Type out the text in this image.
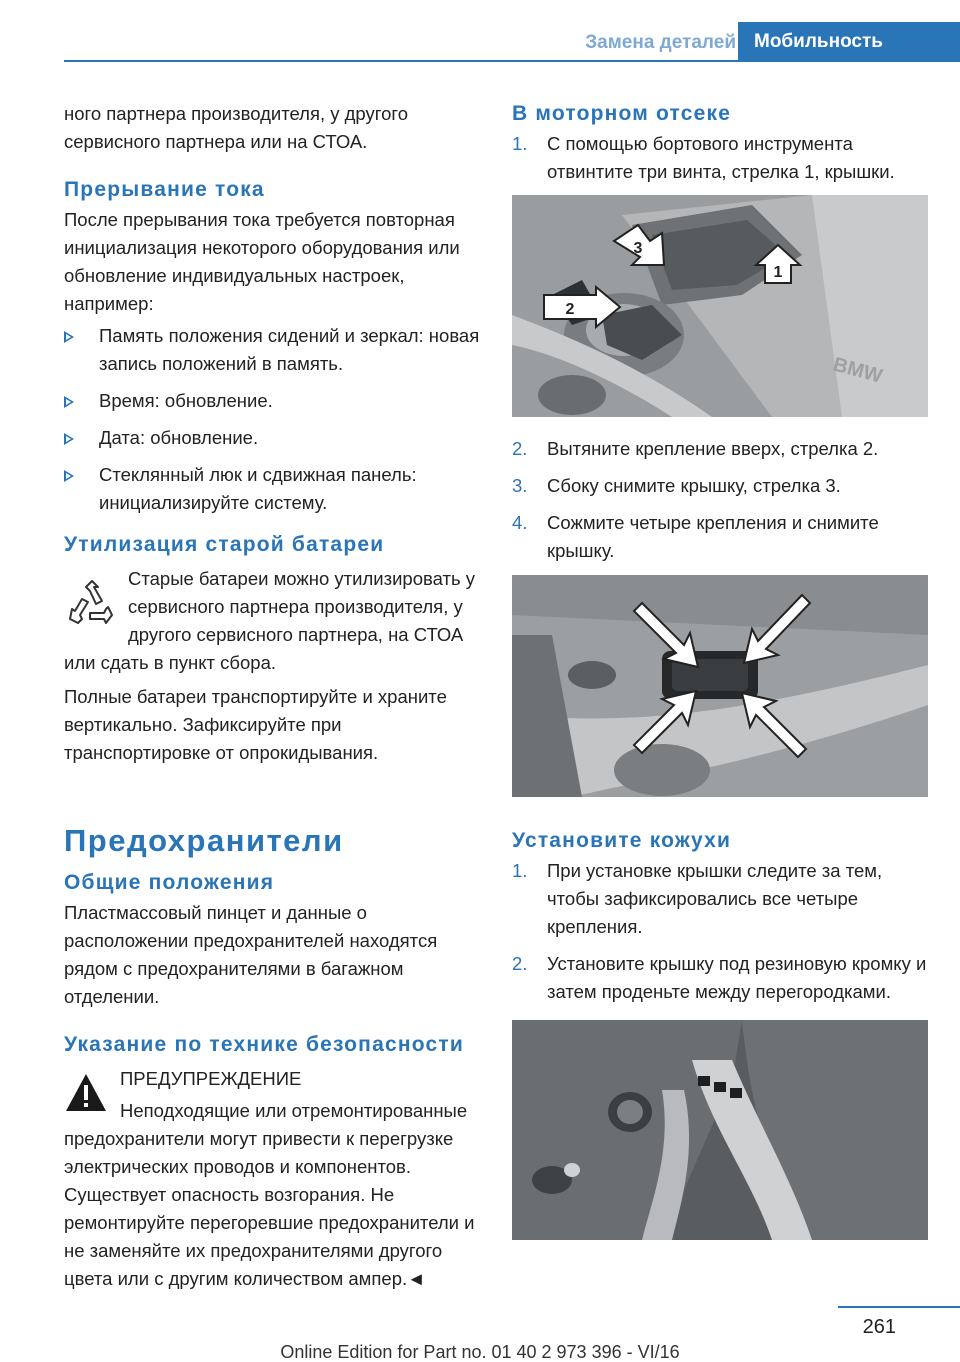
Замена деталей Мобильность

ного партнера производителя, у другого сервисного партнера или на СТОА.

Прерывание тока

После прерывания тока требуется повторная инициализация некоторого оборудования или обновление индивидуальных настроек, например:

Память положения сидений и зеркал: новая запись положений в память.
Время: обновление.
Дата: обновление.
Стеклянный люк и сдвижная панель: инициализируйте систему.
Утилизация старой батареи

Старые батареи можно утилизировать у сервисного партнера производителя, у другого сервисного партнера, на СТОА или сдать в пункт сбора.

Полные батареи транспортируйте и храните вертикально. Зафиксируйте при транспортировке от опрокидывания.

Предохранители
Общие положения

Пластмассовый пинцет и данные о расположении предохранителей находятся рядом с предохранителями в багажном отделении.

Указание по технике безопасности

ПРЕДУПРЕЖДЕНИЕ

Неподходящие или отремонтированные предохранители могут привести к перегрузке электрических проводов и компонентов. Существует опасность возгорания. Не ремонтируйте перегоревшие предохранители и не заменяйте их предохранителями другого цвета или с другим количеством ампер.◄

В моторном отсеке
1. С помощью бортового инструмента отвинтите три винта, стрелка 1, крышки.
BMW
1
2
3
2. Вытяните крепление вверх, стрелка 2.
3. Сбоку снимите крышку, стрелка 3.
4. Сожмите четыре крепления и снимите крышку.
Установите кожухи
1. При установке крышки следите за тем, чтобы зафиксировались все четыре крепления.
2. Установите крышку под резиновую кромку и затем проденьте между перегородками.
261
Online Edition for Part no. 01 40 2 973 396 - VI/16
